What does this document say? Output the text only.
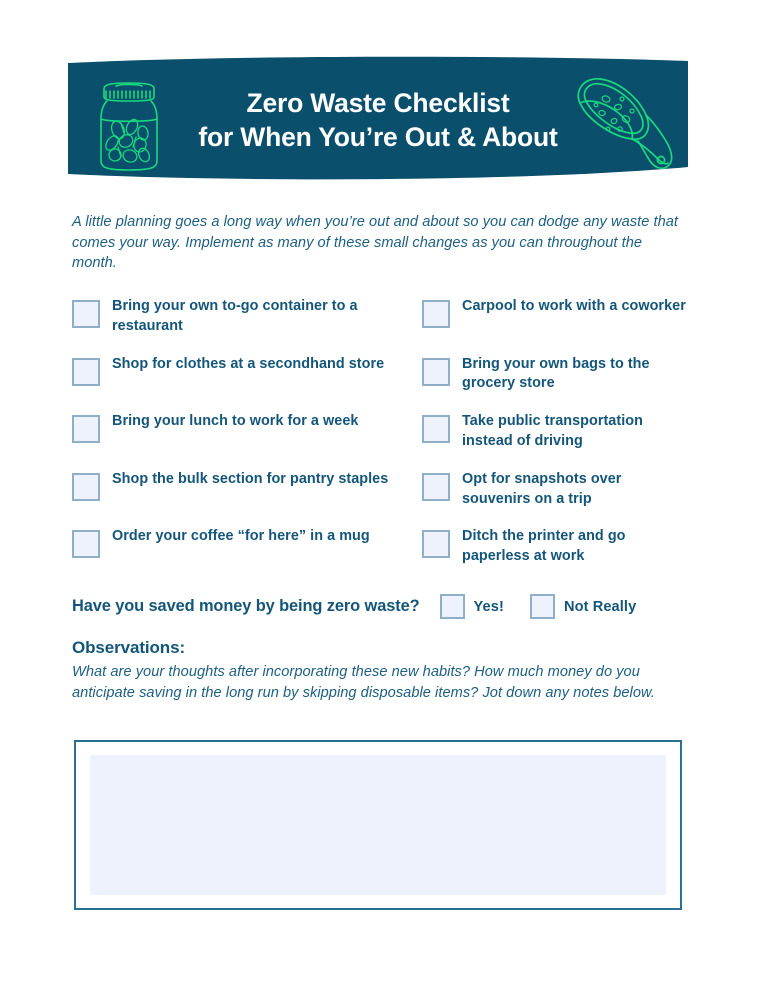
Zero Waste Checklist
for When You’re Out & About

A little planning goes a long way when you’re out and about so you can dodge any waste that comes your way. Implement as many of these small changes as you can throughout the month.

Bring your own to-go container to a restaurant
Carpool to work with a coworker
Shop for clothes at a secondhand store	Bring your own bags to the grocery store
Bring your lunch to work for a week	Take public transportation instead of driving
Shop the bulk section for pantry staples	Opt for snapshots over souvenirs on a trip
Order your coffee “for here” in a mug	Ditch the printer and go paperless at work
Have you saved money by being zero waste?	Yes!	Not Really
Observations:

What are your thoughts after incorporating these new habits? How much money do you anticipate saving in the long run by skipping disposable items? Jot down any notes below.
